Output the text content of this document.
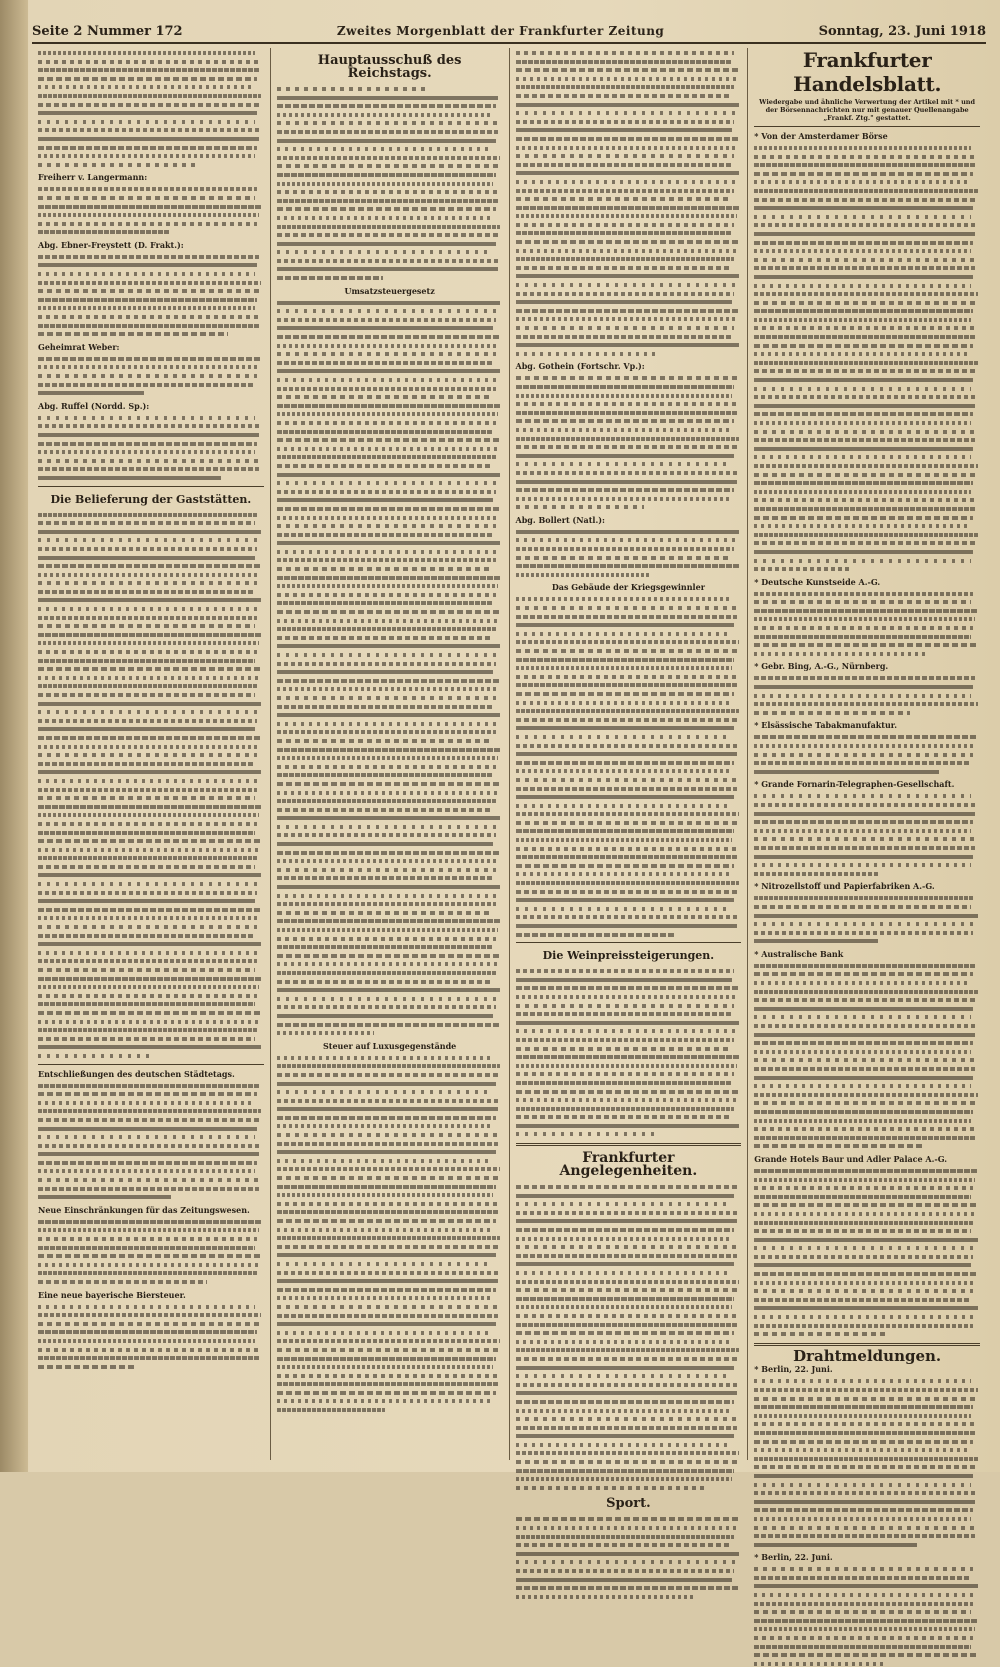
Seite 2 Nummer 172	Zweites Morgenblatt der Frankfurter Zeitung	Sonntag, 23. Juni 1918
Freiherr v. Langermann:
Abg. Ebner-Freystett (D. Frakt.):
Geheimrat Weber:
Abg. Ruffel (Nordd. Sp.):
Die Belieferung der Gaststätten.
Entschließungen des deutschen Städtetags.
Neue Einschränkungen für das Zeitungswesen.
Eine neue bayerische Biersteuer.
Hauptausschuß des Reichstags.
Umsatzsteuergesetz
Steuer auf Luxusgegenstände
Abg. Gothein (Fortschr. Vp.):
Abg. Bollert (Natl.):
Das Gebäude der Kriegsgewinnler
Die Weinpreissteigerungen.
Frankfurter Angelegenheiten.
Sport.
Frankfurter Handelsblatt.
Wiedergabe und ähnliche Verwertung der Artikel mit * und der Börsennachrichten nur mit genauer Quellenangabe „Frankf. Ztg." gestattet.
* Von der Amsterdamer Börse
* Deutsche Kunstseide A.-G.
* Gebr. Bing, A.-G., Nürnberg.
* Elsässische Tabakmanufaktur.
* Grande Fornarin-Telegraphen-Gesellschaft.
* Nitrozellstoff und Papierfabriken A.-G.
* Australische Bank
Grande Hotels Baur und Adler Palace A.-G.
Drahtmeldungen.
* Berlin, 22. Juni.
* Berlin, 22. Juni.
